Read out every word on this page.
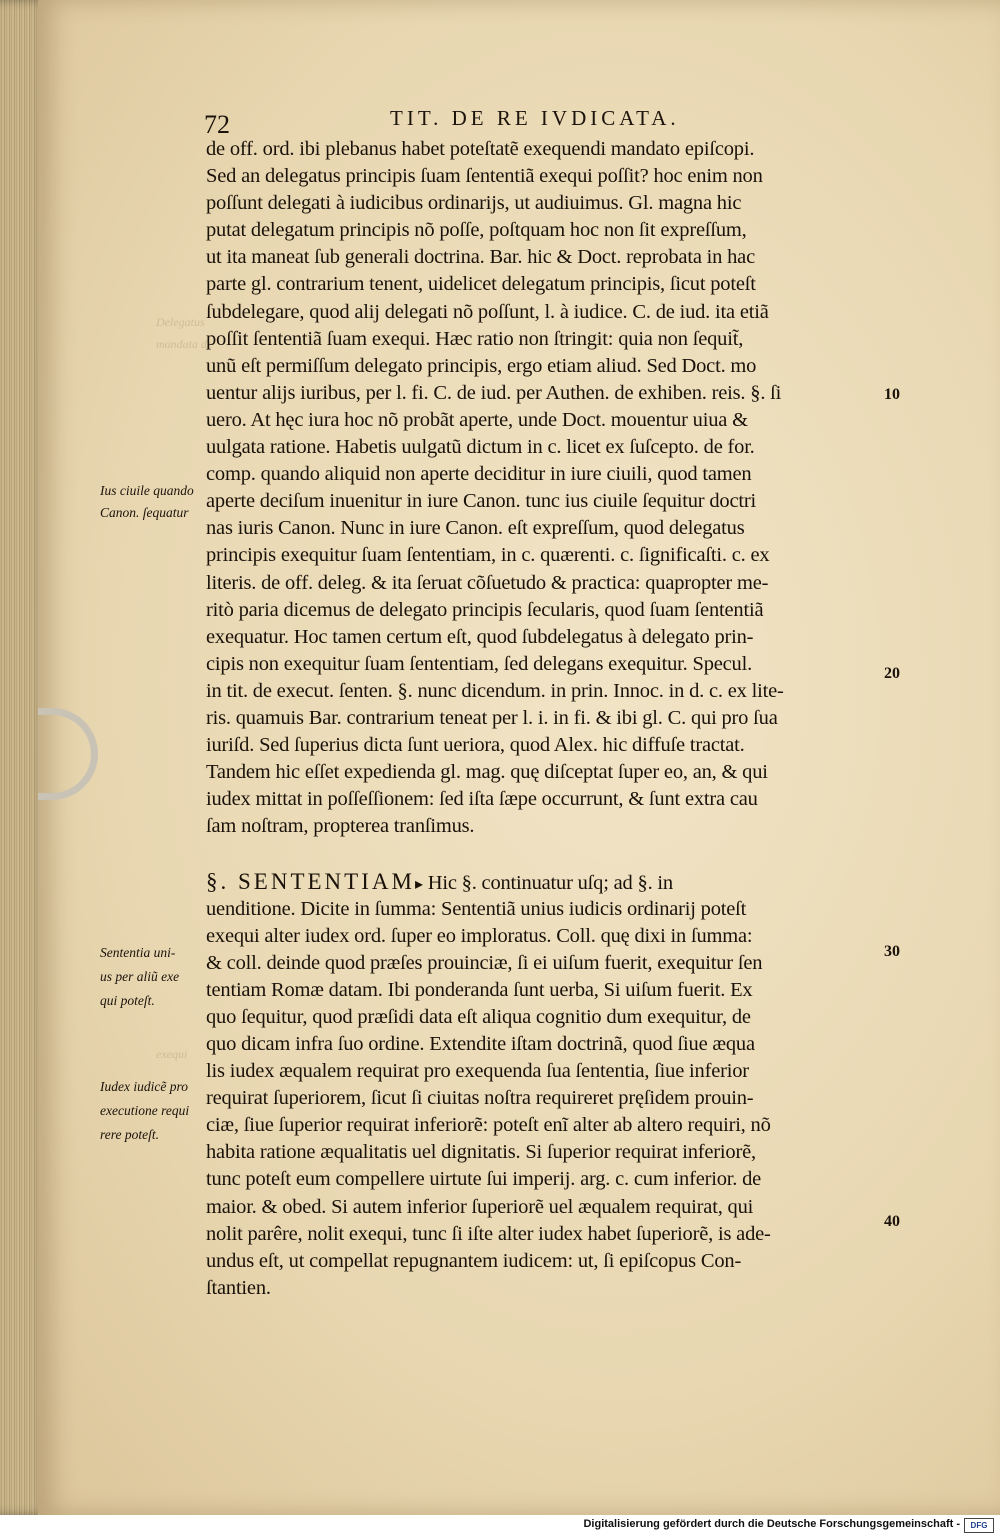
Delegatus
mandata de
exequi
72	TIT. DE RE IVDICATA.
de off. ord. ibi plebanus habet poteſtatẽ exequendi mandato epiſcopi.
Sed an delegatus principis ſuam ſententiã exequi poſſit? hoc enim non
poſſunt delegati à iudicibus ordinarijs, ut audiuimus. Gl. magna hic
putat delegatum principis nõ poſſe, poſtquam hoc non ſit expreſſum,
ut ita maneat ſub generali doctrina. Bar. hic & Doct. reprobata in hac
parte gl. contrarium tenent, uidelicet delegatum principis, ſicut poteſt
ſubdelegare, quod alij delegati nõ poſſunt, l. à iudice. C. de iud. ita etiã
poſſit ſententiã ſuam exequi. Hæc ratio non ſtringit: quia non ſequit̃,
unũ eſt permiſſum delegato principis, ergo etiam aliud. Sed Doct. mo
uentur alijs iuribus, per l. fi. C. de iud. per Authen. de exhiben. reis. §. ſi
uero. At hęc iura hoc nõ probãt aperte, unde Doct. mouentur uiua &
uulgata ratione. Habetis uulgatũ dictum in c. licet ex ſuſcepto. de for.
comp. quando aliquid non aperte deciditur in iure ciuili, quod tamen
aperte deciſum inuenitur in iure Canon. tunc ius ciuile ſequitur doctri
nas iuris Canon. Nunc in iure Canon. eſt expreſſum, quod delegatus
principis exequitur ſuam ſententiam, in c. quærenti. c. ſignificaſti. c. ex
literis. de off. deleg. & ita ſeruat cõſuetudo & practica: quapropter me-
ritò paria dicemus de delegato principis ſecularis, quod ſuam ſententiã
exequatur. Hoc tamen certum eſt, quod ſubdelegatus à delegato prin-
cipis non exequitur ſuam ſententiam, ſed delegans exequitur. Specul.
in tit. de execut. ſenten. §. nunc dicendum. in prin. Innoc. in d. c. ex lite-
ris. quamuis Bar. contrarium teneat per l. i. in fi. & ibi gl. C. qui pro ſua
iuriſd. Sed ſuperius dicta ſunt ueriora, quod Alex. hic diffuſe tractat.
Tandem hic eſſet expedienda gl. mag. quę diſceptat ſuper eo, an, & qui
iudex mittat in poſſeſſionem: ſed iſta ſæpe occurrunt, & ſunt extra cau
ſam noſtram, propterea tranſimus.
§. SENTENTIAM▸ Hic §. continuatur uſq; ad §. in
uenditione. Dicite in ſumma: Sententiã unius iudicis ordinarij poteſt
exequi alter iudex ord. ſuper eo imploratus. Coll. quę dixi in ſumma:
& coll. deinde quod præſes prouinciæ, ſi ei uiſum fuerit, exequitur ſen
tentiam Romæ datam. Ibi ponderanda ſunt uerba, Si uiſum fuerit. Ex
quo ſequitur, quod præſidi data eſt aliqua cognitio dum exequitur, de
quo dicam infra ſuo ordine. Extendite iſtam doctrinã, quod ſiue æqua
lis iudex æqualem requirat pro exequenda ſua ſententia, ſiue inferior
requirat ſuperiorem, ſicut ſi ciuitas noſtra requireret pręſidem prouin-
ciæ, ſiue ſuperior requirat inferiorẽ: poteſt enĩ alter ab altero requiri, nõ
habita ratione æqualitatis uel dignitatis. Si ſuperior requirat inferiorẽ,
tunc poteſt eum compellere uirtute ſui imperij. arg. c. cum inferior. de
maior. & obed. Si autem inferior ſuperiorẽ uel æqualem requirat, qui
nolit parêre, nolit exequi, tunc ſi iſte alter iudex habet ſuperiorẽ, is ade-
undus eſt, ut compellat repugnantem iudicem: ut, ſi epiſcopus Con-
ſtantien.
10
20
30
40
Ius ciuile quando
Canon. ſequatur
Sententia uni-
us per aliũ exe
qui poteſt.
Iudex iudicẽ pro
executione requi
rere poteſt.
Digitalisierung gefördert durch die Deutsche Forschungsgemeinschaft -	DFG
